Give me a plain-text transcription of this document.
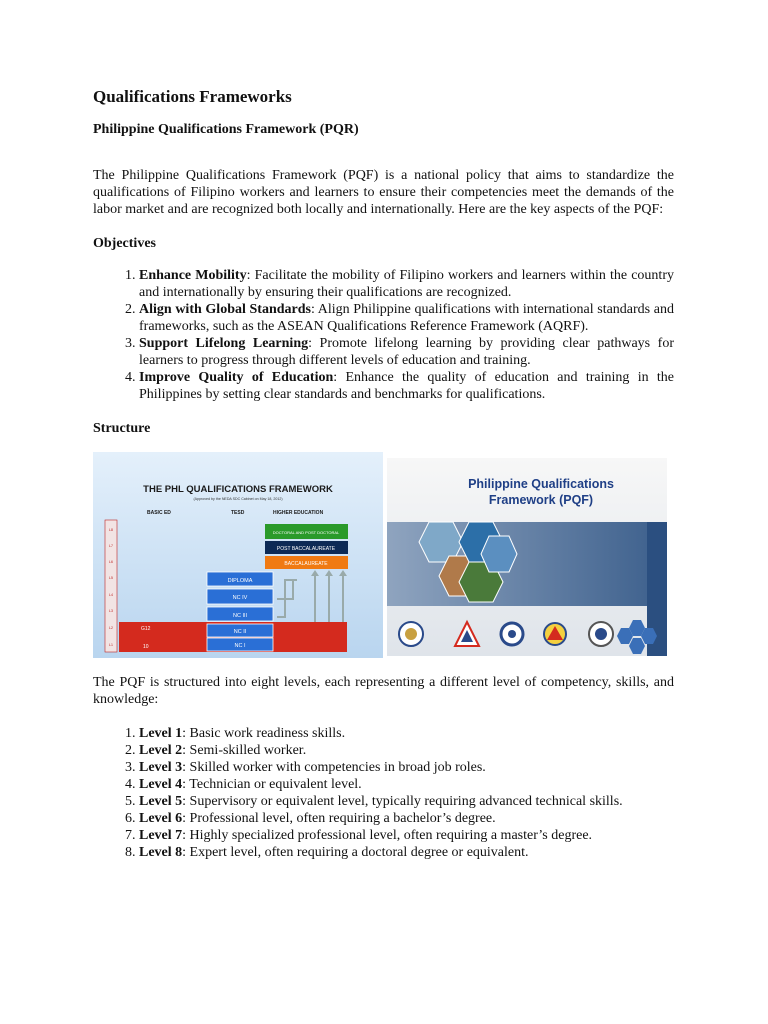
Qualifications Frameworks
Philippine Qualifications Framework (PQR)

The Philippine Qualifications Framework (PQF) is a national policy that aims to standardize the qualifications of Filipino workers and learners to ensure their competencies meet the demands of the labor market and are recognized both locally and internationally. Here are the key aspects of the PQF:

Objectives
1. Enhance Mobility: Facilitate the mobility of Filipino workers and learners within the country and internationally by ensuring their qualifications are recognized.
2. Align with Global Standards: Align Philippine qualifications with international standards and frameworks, such as the ASEAN Qualifications Reference Framework (AQRF).
3. Support Lifelong Learning: Promote lifelong learning by providing clear pathways for learners to progress through different levels of education and training.
4. Improve Quality of Education: Enhance the quality of education and training in the Philippines by setting clear standards and benchmarks for qualifications.
Structure
THE PHL QUALIFICATIONS FRAMEWORK
(Approved by the NEDA SDC Cabinet on May 18, 2012)
BASIC ED	TESD	HIGHER EDUCATION
L8
L7
L6
L5
L4
L3
L2
L1
G12
10	NC I
NC II
NC III
NC IV
DIPLOMA
BACCALAUREATE
POST BACCALAUREATE
DOCTORAL AND POST DOCTORAL
Philippine Qualifications
Framework (PQF)

The PQF is structured into eight levels, each representing a different level of competency, skills, and knowledge:

1. Level 1: Basic work readiness skills.
2. Level 2: Semi-skilled worker.
3. Level 3: Skilled worker with competencies in broad job roles.
4. Level 4: Technician or equivalent level.
5. Level 5: Supervisory or equivalent level, typically requiring advanced technical skills.
6. Level 6: Professional level, often requiring a bachelor’s degree.
7. Level 7: Highly specialized professional level, often requiring a master’s degree.
8. Level 8: Expert level, often requiring a doctoral degree or equivalent.
